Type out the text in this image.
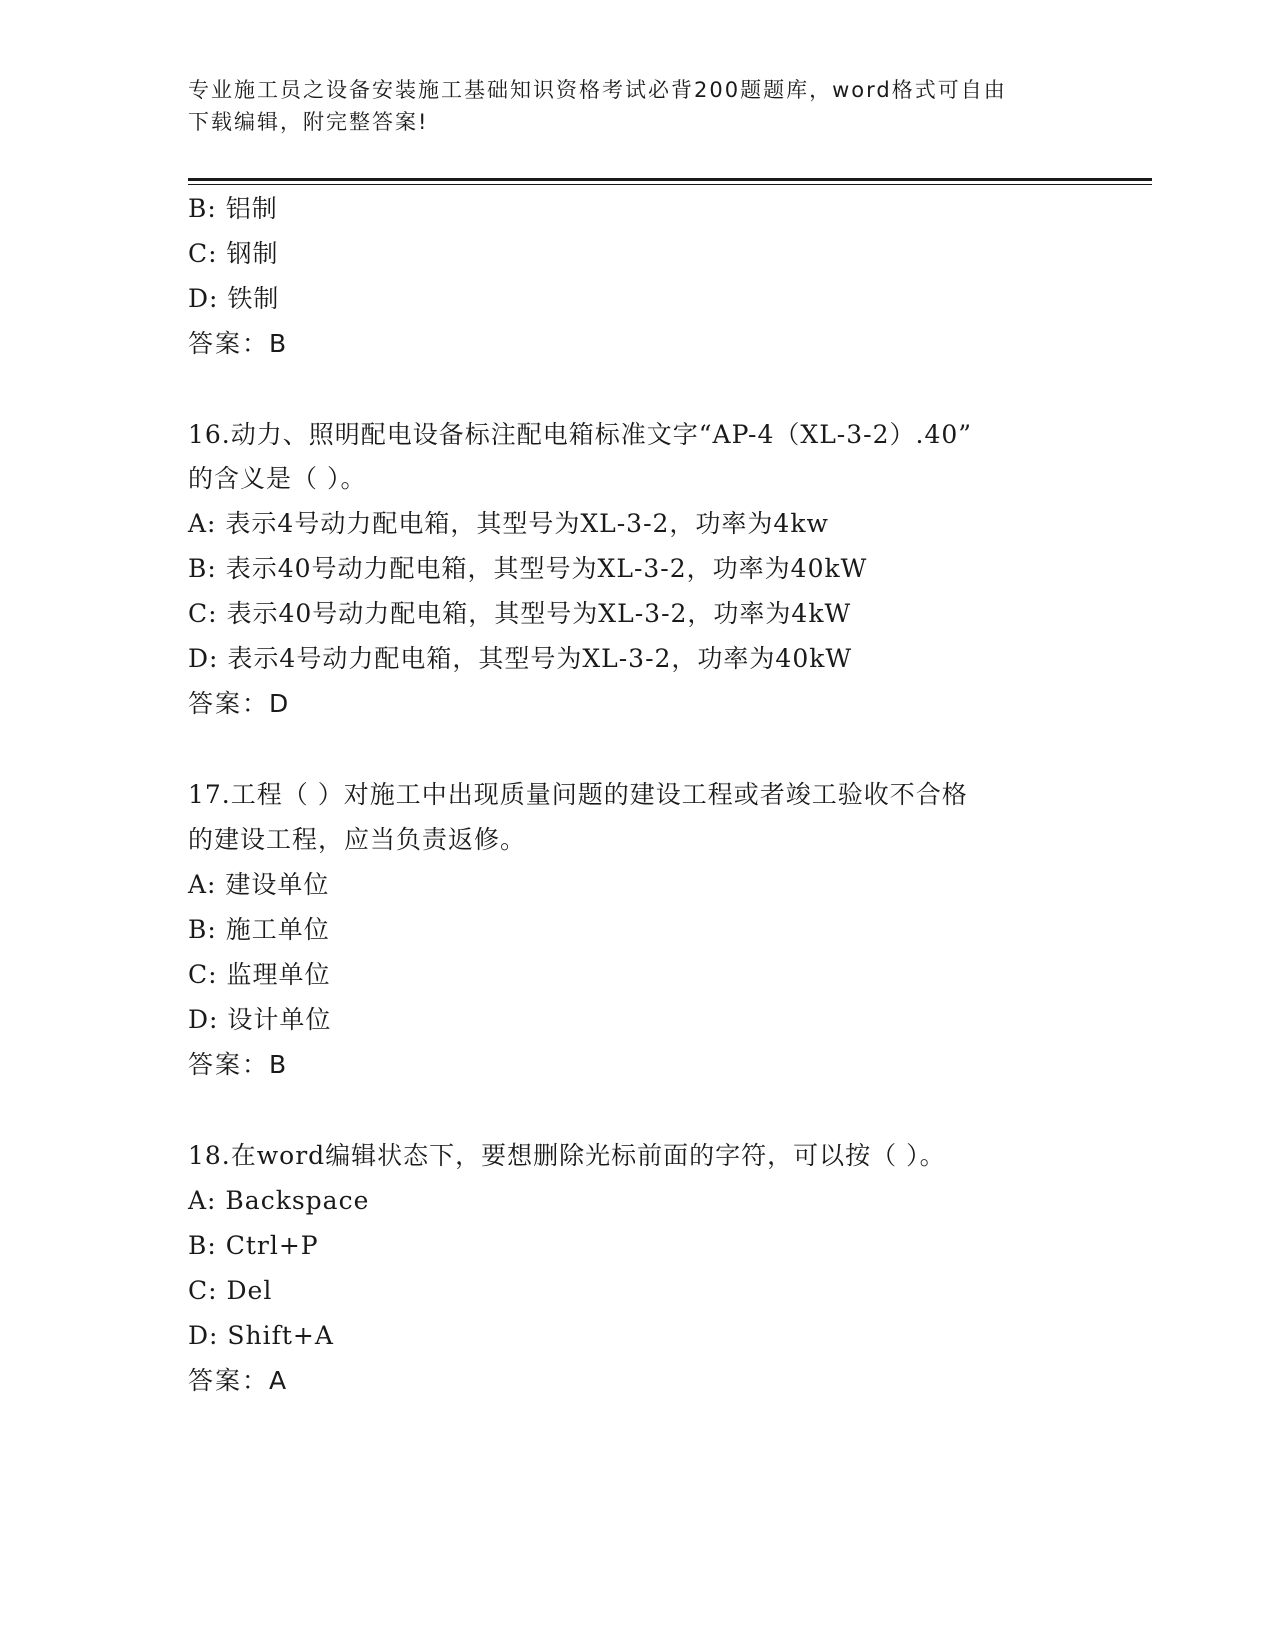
专业施工员之设备安装施工基础知识资格考试必背200题题库，word格式可自由
下载编辑，附完整答案!
B: 铝制
C: 钢制
D: 铁制
答案：B
16.动力、照明配电设备标注配电箱标准文字“AP-4（XL-3-2）.40”
的含义是（ ）。
A: 表示4号动力配电箱，其型号为XL-3-2，功率为4kw
B: 表示40号动力配电箱，其型号为XL-3-2，功率为40kW
C: 表示40号动力配电箱，其型号为XL-3-2，功率为4kW
D: 表示4号动力配电箱，其型号为XL-3-2，功率为40kW
答案：D
17.工程（ ）对施工中出现质量问题的建设工程或者竣工验收不合格
的建设工程，应当负责返修。
A: 建设单位
B: 施工单位
C: 监理单位
D: 设计单位
答案：B
18.在word编辑状态下，要想删除光标前面的字符，可以按（ ）。
A: Backspace
B: Ctrl+P
C: Del
D: Shift+A
答案：A
